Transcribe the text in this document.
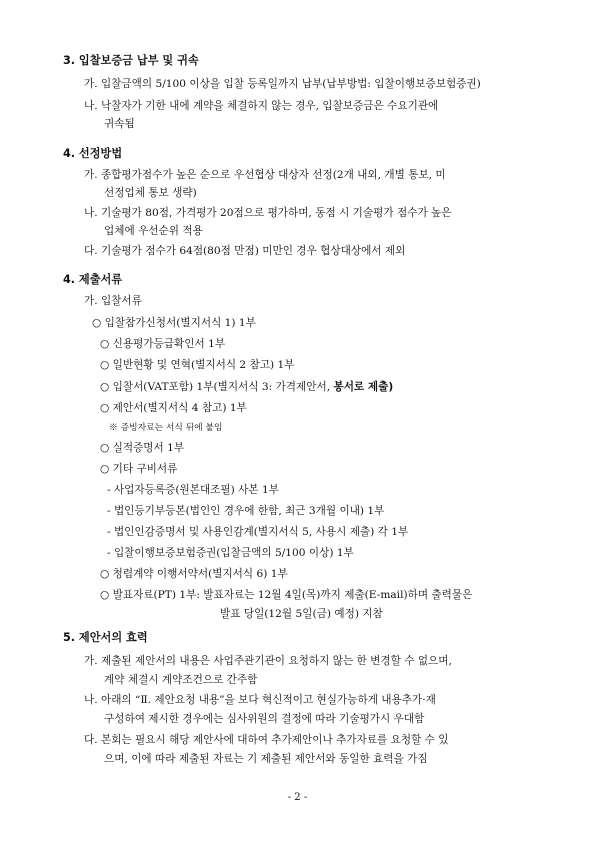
3. 입찰보증금 납부 및 귀속
가. 입찰금액의 5/100 이상을 입찰 등록일까지 납부(납부방법: 입찰이행보증보험증권)
나. 낙찰자가 기한 내에 계약을 체결하지 않는 경우, 입찰보증금은 수요기관에
귀속됨
4. 선정방법
가. 종합평가점수가 높은 순으로 우선협상 대상자 선정(2개 내외, 개별 통보, 미
선정업체 통보 생략)
나. 기술평가 80점, 가격평가 20점으로 평가하며, 동점 시 기술평가 점수가 높은
업체에 우선순위 적용
다. 기술평가 점수가 64점(80점 만점) 미만인 경우 협상대상에서 제외
4. 제출서류
가. 입찰서류
○ 입찰참가신청서(별지서식 1) 1부
○ 신용평가등급확인서 1부
○ 일반현황 및 연혁(별지서식 2 참고) 1부
○ 입찰서(VAT포함) 1부(별지서식 3: 가격제안서, 봉서로 제출)
○ 제안서(별지서식 4 참고) 1부
※ 증빙자료는 서식 뒤에 붙임
○ 실적증명서 1부
○ 기타 구비서류
- 사업자등록증(원본대조필) 사본 1부
- 법인등기부등본(법인인 경우에 한함, 최근 3개월 이내) 1부
- 법인인감증명서 및 사용인감계(별지서식 5, 사용시 제출) 각 1부
- 입찰이행보증보험증권(입찰금액의 5/100 이상) 1부
○ 청렴계약 이행서약서(별지서식 6) 1부
○ 발표자료(PT) 1부: 발표자료는 12월 4일(목)까지 제출(E-mail)하며 출력물은
발표 당일(12월 5일(금) 예정) 지참
5. 제안서의 효력
가. 제출된 제안서의 내용은 사업주관기관이 요청하지 않는 한 변경할 수 없으며,
계약 체결시 계약조건으로 간주함
나. 아래의 “Ⅱ. 제안요청 내용”을 보다 혁신적이고 현실가능하게 내용추가·재
구성하여 제시한 경우에는 심사위원의 결정에 따라 기술평가시 우대함
다. 본회는 필요시 해당 제안사에 대하여 추가제안이나 추가자료를 요청할 수 있
으며, 이에 따라 제출된 자료는 기 제출된 제안서와 동일한 효력을 가짐
- 2 -
